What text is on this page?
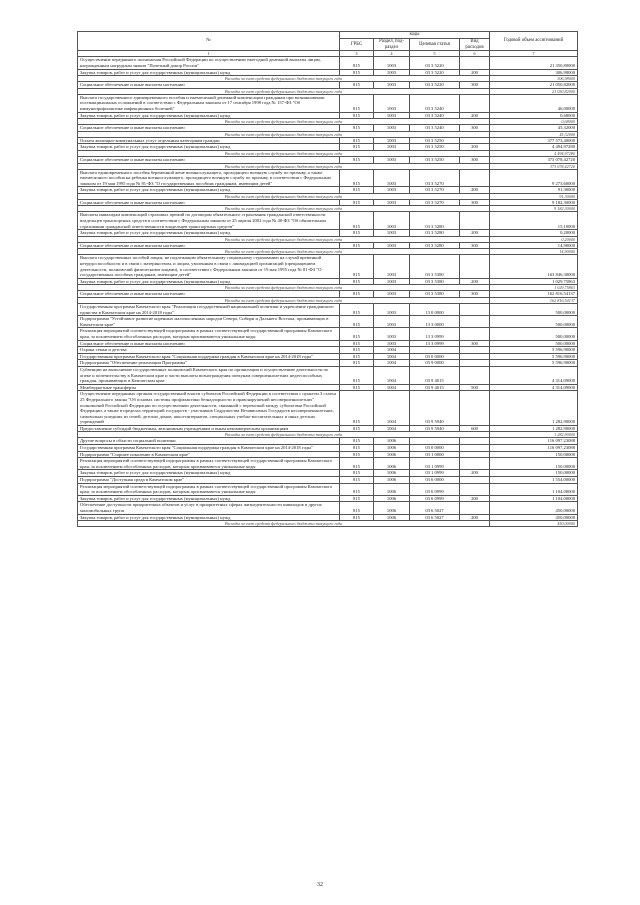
№	коды				Годовой объем ассигнований
	ГРБС	Раздел, под-раздел	Целевая статья	Вид расходов	
1	3	4	5	6	7
Осуществление переданного полномочия Российской Федерации по осуществлению ежегодной денежной выплаты лицам, награжденным нагрудным знаком "Почетный донор России"	815	1003	03 3 5220		21 350,80000
Закупка товаров, работ и услуг для государственных (муниципальных) нужд	815	1003	03 3 5220	200	306,98000
Расходы за счет средств федерального бюджета текущего года					306,98000
Социальное обеспечение и иные выплаты населению	815	1003	03 3 5220	300	21 050,82000
Расходы за счет средств федерального бюджета текущего года					21 050,82000
Выплата государственного единовременного пособия и ежемесячной денежной компенсации гражданам при возникновении поствакцинальных осложнений в соответствии с Федеральным законом от 17 сентября 1998 года № 157-ФЗ "Об иммунопрофилактике инфекционных болезней"	815	1003	03 3 5240		46,00000
Закупка товаров, работ и услуг для государственных (муниципальных) нужд	815	1003	03 3 5240	200	0,68000
Расходы за счет средств федерального бюджета текущего года					0,68000
Социальное обеспечение и иные выплаты населению	815	1003	03 3 5240	300	45,32000
Расходы за счет средств федерального бюджета текущего года					45,32000
Оплата жилищно-коммунальных услуг отдельным категориям граждан	815	1003	03 3 5250		377 573,40000
Закупка товаров, работ и услуг для государственных (муниципальных) нужд	815	1003	03 3 5250	200	4 494,97280
Расходы за счет средств федерального бюджета текущего года					4 494,97280
Социальное обеспечение и иные выплаты населению	815	1003	03 3 5250	300	373 078,42720
Расходы за счет средств федерального бюджета текущего года					373 078,42720
Выплата единовременного пособия беременной жене военнослужащего, проходящего военную службу по призыву, а также ежемесячного пособия на ребенка военнослужащего, проходящего военную службу по призыву, в соответствии с Федеральным законом от 19 мая 1995 года № 81-ФЗ "О государственных пособиях гражданам, имеющим детей"	815	1003	03 3 5270		9 273,60000
Закупка товаров, работ и услуг для государственных (муниципальных) нужд	815	1003	03 3 5270	200	91,30000
Расходы за счет средств федерального бюджета текущего года					91,30000
Социальное обеспечение и иные выплаты населению	815	1003	03 3 5270	300	9 182,30000
Расходы за счет средств федерального бюджета текущего года					9 182,30000
Выплаты инвалидам компенсаций страховых премий по договорам обязательного страхования гражданской ответственности владельцев транспортных средств в соответствии с Федеральным законом от 25 апреля 2002 года № 40-ФЗ "Об обязательном страховании гражданской ответственности владельцев транспортных средств"	815	1003	03 3 5280		15,10000
Закупка товаров, работ и услуг для государственных (муниципальных) нужд	815	1003	03 3 5280	200	0,20000
Расходы за счет средств федерального бюджета текущего года					0,20000
Социальное обеспечение и иные выплаты населению	815	1003	03 3 5280	300	14,90000
Расходы за счет средств федерального бюджета текущего года					14,90000
Выплата государственных пособий лицам, не подлежащим обязательному социальному страхованию на случай временной нетрудоспособности и в связи с материнством, и лицам, уволенным в связи с ликвидацией организаций (прекращением деятельности, полномочий физическими лицами), в соответствии с Федеральным законом от 19 мая 1995 года № 81-ФЗ "О государственных пособиях гражданам, имеющим детей"	815	1003	03 3 5380		163 846,30000
Закупка товаров, работ и услуг для государственных (муниципальных) нужд	815	1003	03 3 5380	200	1 029,75863
Расходы за счет средств федерального бюджета текущего года					1 029,75863
Социальное обеспечение и иные выплаты населению	815	1003	03 3 5380	300	162 816,54137
Расходы за счет средств федерального бюджета текущего года					162 816,54137
Государственная программа Камчатского края "Реализация государственной национальной политики и укрепление гражданского единства в Камчатском крае на 2014-2018 годы"	815	1003	13 0 0000		500,00000
Подпрограмма "Устойчивое развитие коренных малочисленных народов Севера, Сибири и Дальнего Востока, проживающих в Камчатском крае"	815	1003	13 3 0000		500,00000
Реализация мероприятий соответствующей подпрограммы в рамках соответствующей государственной программы Камчатского края, за исключением обособленных расходов, которым присваиваются уникальные коды	815	1003	13 3 0999		500,00000
Социальное обеспечение и иные выплаты населению	815	1003	13 3 0999	300	500,00000
Охрана семьи и детства	815	1004			5 596,90000
Государственная программа Камчатского края "Социальная поддержка граждан в Камчатском крае на 2014-2018 годы"	815	1004	03 0 0000		5 596,90000
Подпрограмма "Обеспечение реализации Программы"	815	1004	03 9 0000		5 596,90000
Субвенции на выполнение государственных полномочий Камчатского края по организации и осуществлению деятельности по опеке и попечительству в Камчатском крае и части выплаты вознаграждения опекунам совершеннолетних недееспособных граждан, проживающих в Камчатском крае	815	1004	03 9 4015		4 314,09000
Межбюджетные трансферты	815	1004	03 9 4015	500	4 314,09000
Осуществление переданных органам государственной власти субъектов Российской Федерации в соответствии с пунктом 3 статьи 25 Федерального закона "Об основах системы профилактики безнадзорности и правонарушений несовершеннолетних" полномочий Российской Федерации по осуществлению деятельности, связанной с перевозкой между субъектами Российской Федерации, а также в пределах территорий государств - участников Содружества Независимых Государств несовершеннолетних, самовольно ушедших из семей, детских домов, школ-интернатов, специальных учебно-воспитательных и иных детских учреждений	815	1004	03 9 5940		1 282,90000
Предоставление субсидий бюджетным, автономным учреждениям и иным некоммерческим организациям	815	1004	03 9 5940	600	1 282,90000
Расходы за счет средств федерального бюджета текущего года					1 282,90000
Другие вопросы в области социальной политики	815	1006			116 097,23088
Государственная программа Камчатского края "Социальная поддержка граждан в Камчатском крае на 2014-2018 годы"	815	1006	03 0 0000		116 097,23088
Подпрограмма "Старшее поколение в Камчатском крае"	815	1006	03 1 0000		150,00000
Реализация мероприятий соответствующей подпрограммы в рамках соответствующей государственной программы Камчатского края, за исключением обособленных расходов, которым присваиваются уникальные коды	815	1006	03 1 0999		150,00000
Закупка товаров, работ и услуг для государственных (муниципальных) нужд	815	1006	03 1 0999	200	150,00000
Подпрограмма "Доступная среда в Камчатском крае"	815	1006	03 6 0000		1 554,00000
Реализация мероприятий соответствующей подпрограммы в рамках соответствующей государственной программы Камчатского края, за исключением обособленных расходов, которым присваиваются уникальные коды	815	1006	03 6 0999		1 104,00000
Закупка товаров, работ и услуг для государственных (муниципальных) нужд	815	1006	03 6 0999	200	1 104,00000
Обеспечение доступности приоритетных объектов и услуг в приоритетных сферах жизнедеятельности инвалидов и других маломобильных групп	815	1006	03 6 5027		450,00000
Закупка товаров, работ и услуг для государственных (муниципальных) нужд	815	1006	03 6 5027	200	450,00000
Расходы за счет средств федерального бюджета текущего года					450,00000
32
